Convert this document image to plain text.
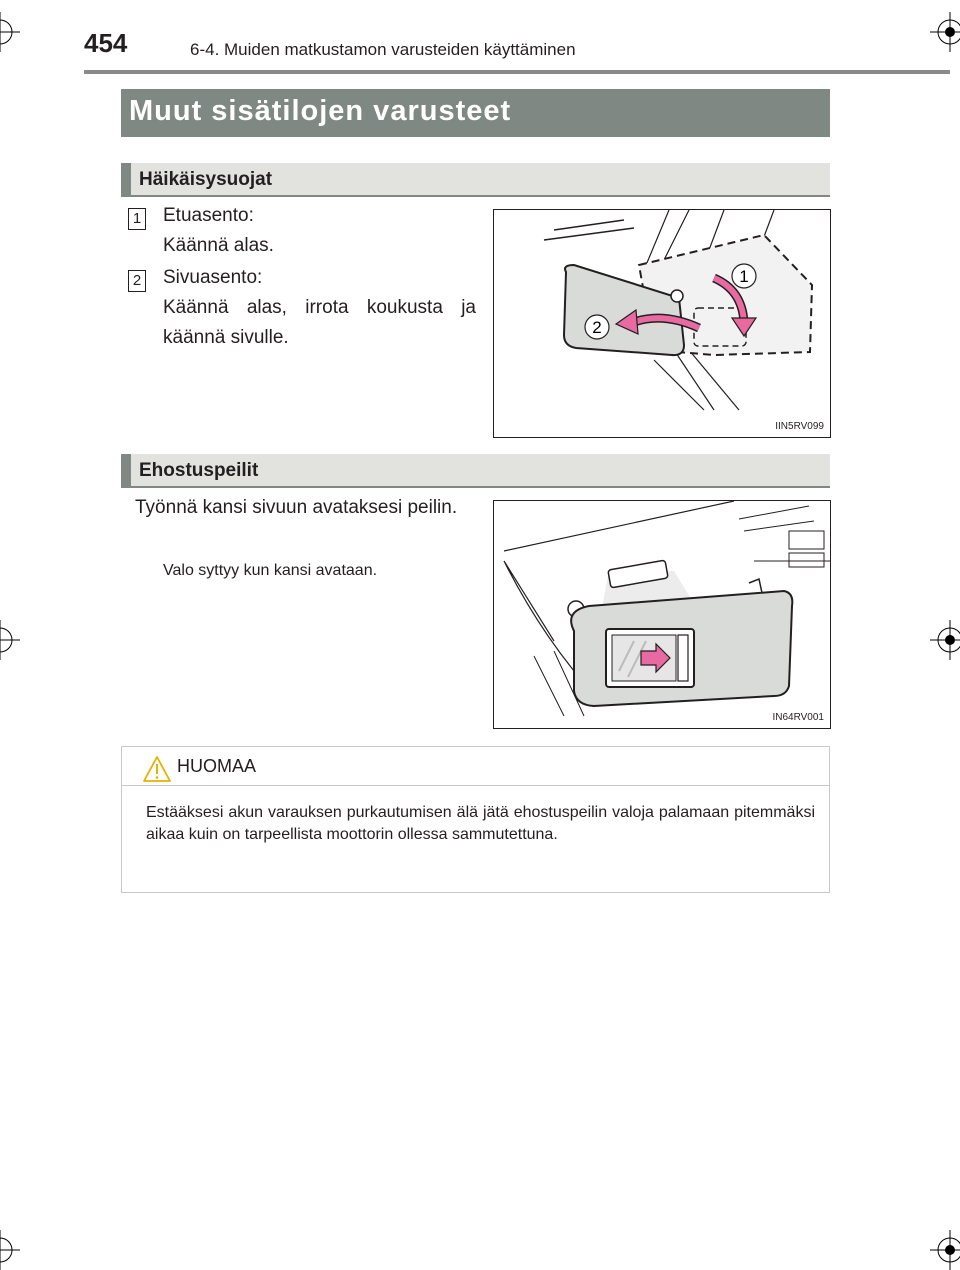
454	6-4. Muiden matkustamon varusteiden käyttäminen
Muut sisätilojen varusteet
Häikäisysuojat
1 Etuasento:
Käännä alas.
2 Sivuasento:
Käännä alas, irrota koukusta ja käännä sivulle.
1
2
IIN5RV099
Ehostuspeilit
Työnnä kansi sivuun avataksesi peilin.
Valo syttyy kun kansi avataan.
IN64RV001
HUOMAA
Estääksesi akun varauksen purkautumisen älä jätä ehostuspeilin valoja palamaan pitemmäksi aikaa kuin on tarpeellista moottorin ollessa sammutettuna.
